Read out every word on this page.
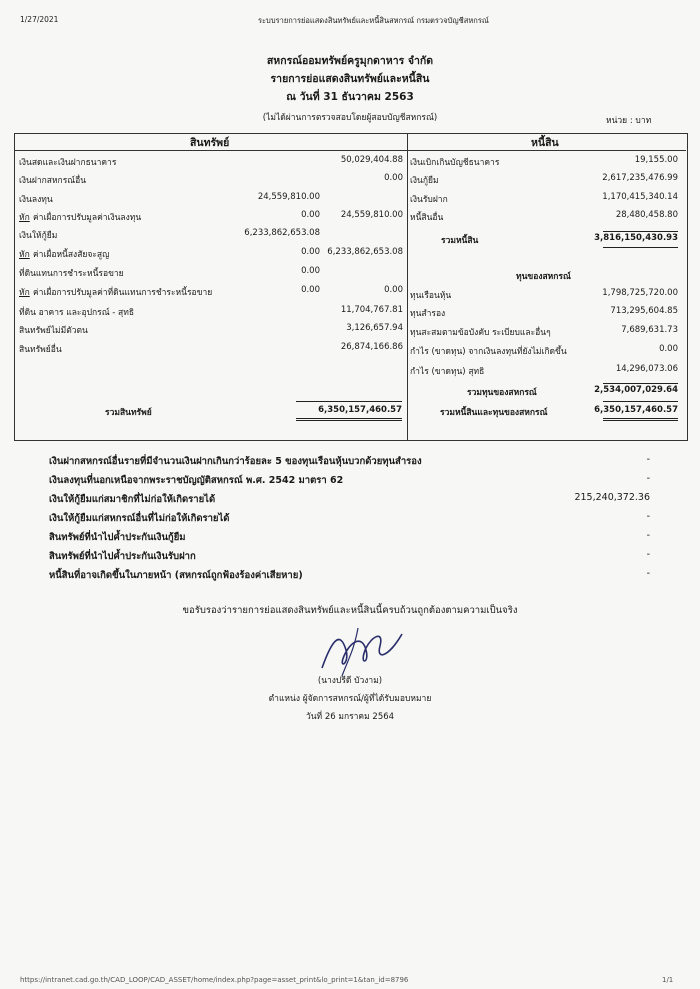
1/27/2021	ระบบรายการย่อแสดงสินทรัพย์และหนี้สินสหกรณ์ กรมตรวจบัญชีสหกรณ์
สหกรณ์ออมทรัพย์ครูมุกดาหาร จำกัด
รายการย่อแสดงสินทรัพย์และหนี้สิน
ณ วันที่ 31 ธันวาคม 2563
(ไม่ได้ผ่านการตรวจสอบโดยผู้สอบบัญชีสหกรณ์)	หน่วย : บาท
สินทรัพย์	หนี้สิน
เงินสดและเงินฝากธนาคาร	50,029,404.88
เงินฝากสหกรณ์อื่น	0.00
เงินลงทุน	24,559,810.00
หัก ค่าเผื่อการปรับมูลค่าเงินลงทุน	0.00	24,559,810.00
เงินให้กู้ยืม	6,233,862,653.08
หัก ค่าเผื่อหนี้สงสัยจะสูญ	0.00 6,233,862,653.08
ที่ดินแทนการชำระหนี้รอขาย	0.00
หัก ค่าเผื่อการปรับมูลค่าที่ดินแทนการชำระหนี้รอขาย	0.00	0.00
ที่ดิน อาคาร และอุปกรณ์ - สุทธิ	11,704,767.81
สินทรัพย์ไม่มีตัวตน	3,126,657.94
สินทรัพย์อื่น	26,874,166.86
รวมสินทรัพย์	6,350,157,460.57
เงินเบิกเกินบัญชีธนาคาร	19,155.00
เงินกู้ยืม	2,617,235,476.99
เงินรับฝาก	1,170,415,340.14
หนี้สินอื่น	28,480,458.80
รวมหนี้สิน	3,816,150,430.93
ทุนของสหกรณ์
ทุนเรือนหุ้น	1,798,725,720.00
ทุนสำรอง	713,295,604.85
ทุนสะสมตามข้อบังคับ ระเบียบและอื่นๆ	7,689,631.73
กำไร (ขาดทุน) จากเงินลงทุนที่ยังไม่เกิดขึ้น	0.00
กำไร (ขาดทุน) สุทธิ	14,296,073.06
รวมทุนของสหกรณ์	2,534,007,029.64
รวมหนี้สินและทุนของสหกรณ์	6,350,157,460.57
เงินฝากสหกรณ์อื่นรายที่มีจำนวนเงินฝากเกินกว่าร้อยละ 5 ของทุนเรือนหุ้นบวกด้วยทุนสำรอง	-
เงินลงทุนที่นอกเหนือจากพระราชบัญญัติสหกรณ์ พ.ศ. 2542 มาตรา 62	-
เงินให้กู้ยืมแก่สมาชิกที่ไม่ก่อให้เกิดรายได้	215,240,372.36
เงินให้กู้ยืมแก่สหกรณ์อื่นที่ไม่ก่อให้เกิดรายได้	-
สินทรัพย์ที่นำไปค้ำประกันเงินกู้ยืม	-
สินทรัพย์ที่นำไปค้ำประกันเงินรับฝาก	-
หนี้สินที่อาจเกิดขึ้นในภายหน้า (สหกรณ์ถูกฟ้องร้องค่าเสียหาย)	-
ขอรับรองว่ารายการย่อแสดงสินทรัพย์และหนี้สินนี้ครบถ้วนถูกต้องตามความเป็นจริง
(นางปรีดี บัวงาม)
ตำแหน่ง ผู้จัดการสหกรณ์/ผู้ที่ได้รับมอบหมาย
วันที่ 26 มกราคม 2564
https://intranet.cad.go.th/CAD_LOOP/CAD_ASSET/home/index.php?page=asset_print&lo_print=1&tan_id=8796	1/1
